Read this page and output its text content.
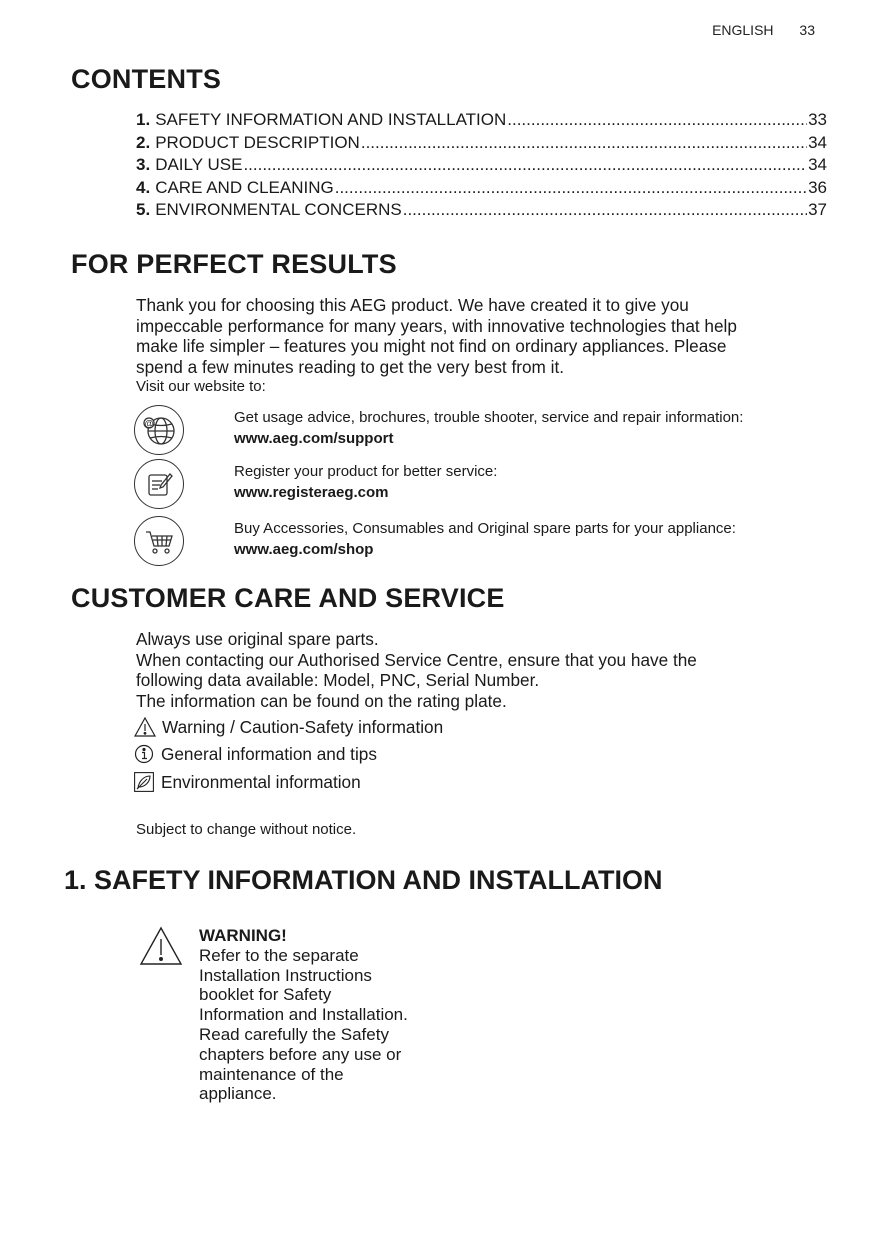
ENGLISH 33
CONTENTS
1. SAFETY INFORMATION AND INSTALLATION .....	33
2. PRODUCT DESCRIPTION .....	34
3. DAILY USE .....	34
4. CARE AND CLEANING .....	36
5. ENVIRONMENTAL CONCERNS .....	37
FOR PERFECT RESULTS
Thank you for choosing this AEG product. We have created it to give you
impeccable performance for many years, with innovative technologies that help
make life simpler – features you might not find on ordinary appliances. Please
spend a few minutes reading to get the very best from it.
Visit our website to:
@	Get usage advice, brochures, trouble shooter, service and repair information:
www.aeg.com/support
Register your product for better service:
www.registeraeg.com
Buy Accessories, Consumables and Original spare parts for your appliance:
www.aeg.com/shop
CUSTOMER CARE AND SERVICE
Always use original spare parts.
When contacting our Authorised Service Centre, ensure that you have the
following data available: Model, PNC, Serial Number.
The information can be found on the rating plate.
Warning / Caution-Safety information
General information and tips
Environmental information
Subject to change without notice.
1. SAFETY INFORMATION AND INSTALLATION
WARNING!
Refer to the separate
Installation Instructions
booklet for Safety
Information and Installation.
Read carefully the Safety
chapters before any use or
maintenance of the
appliance.
